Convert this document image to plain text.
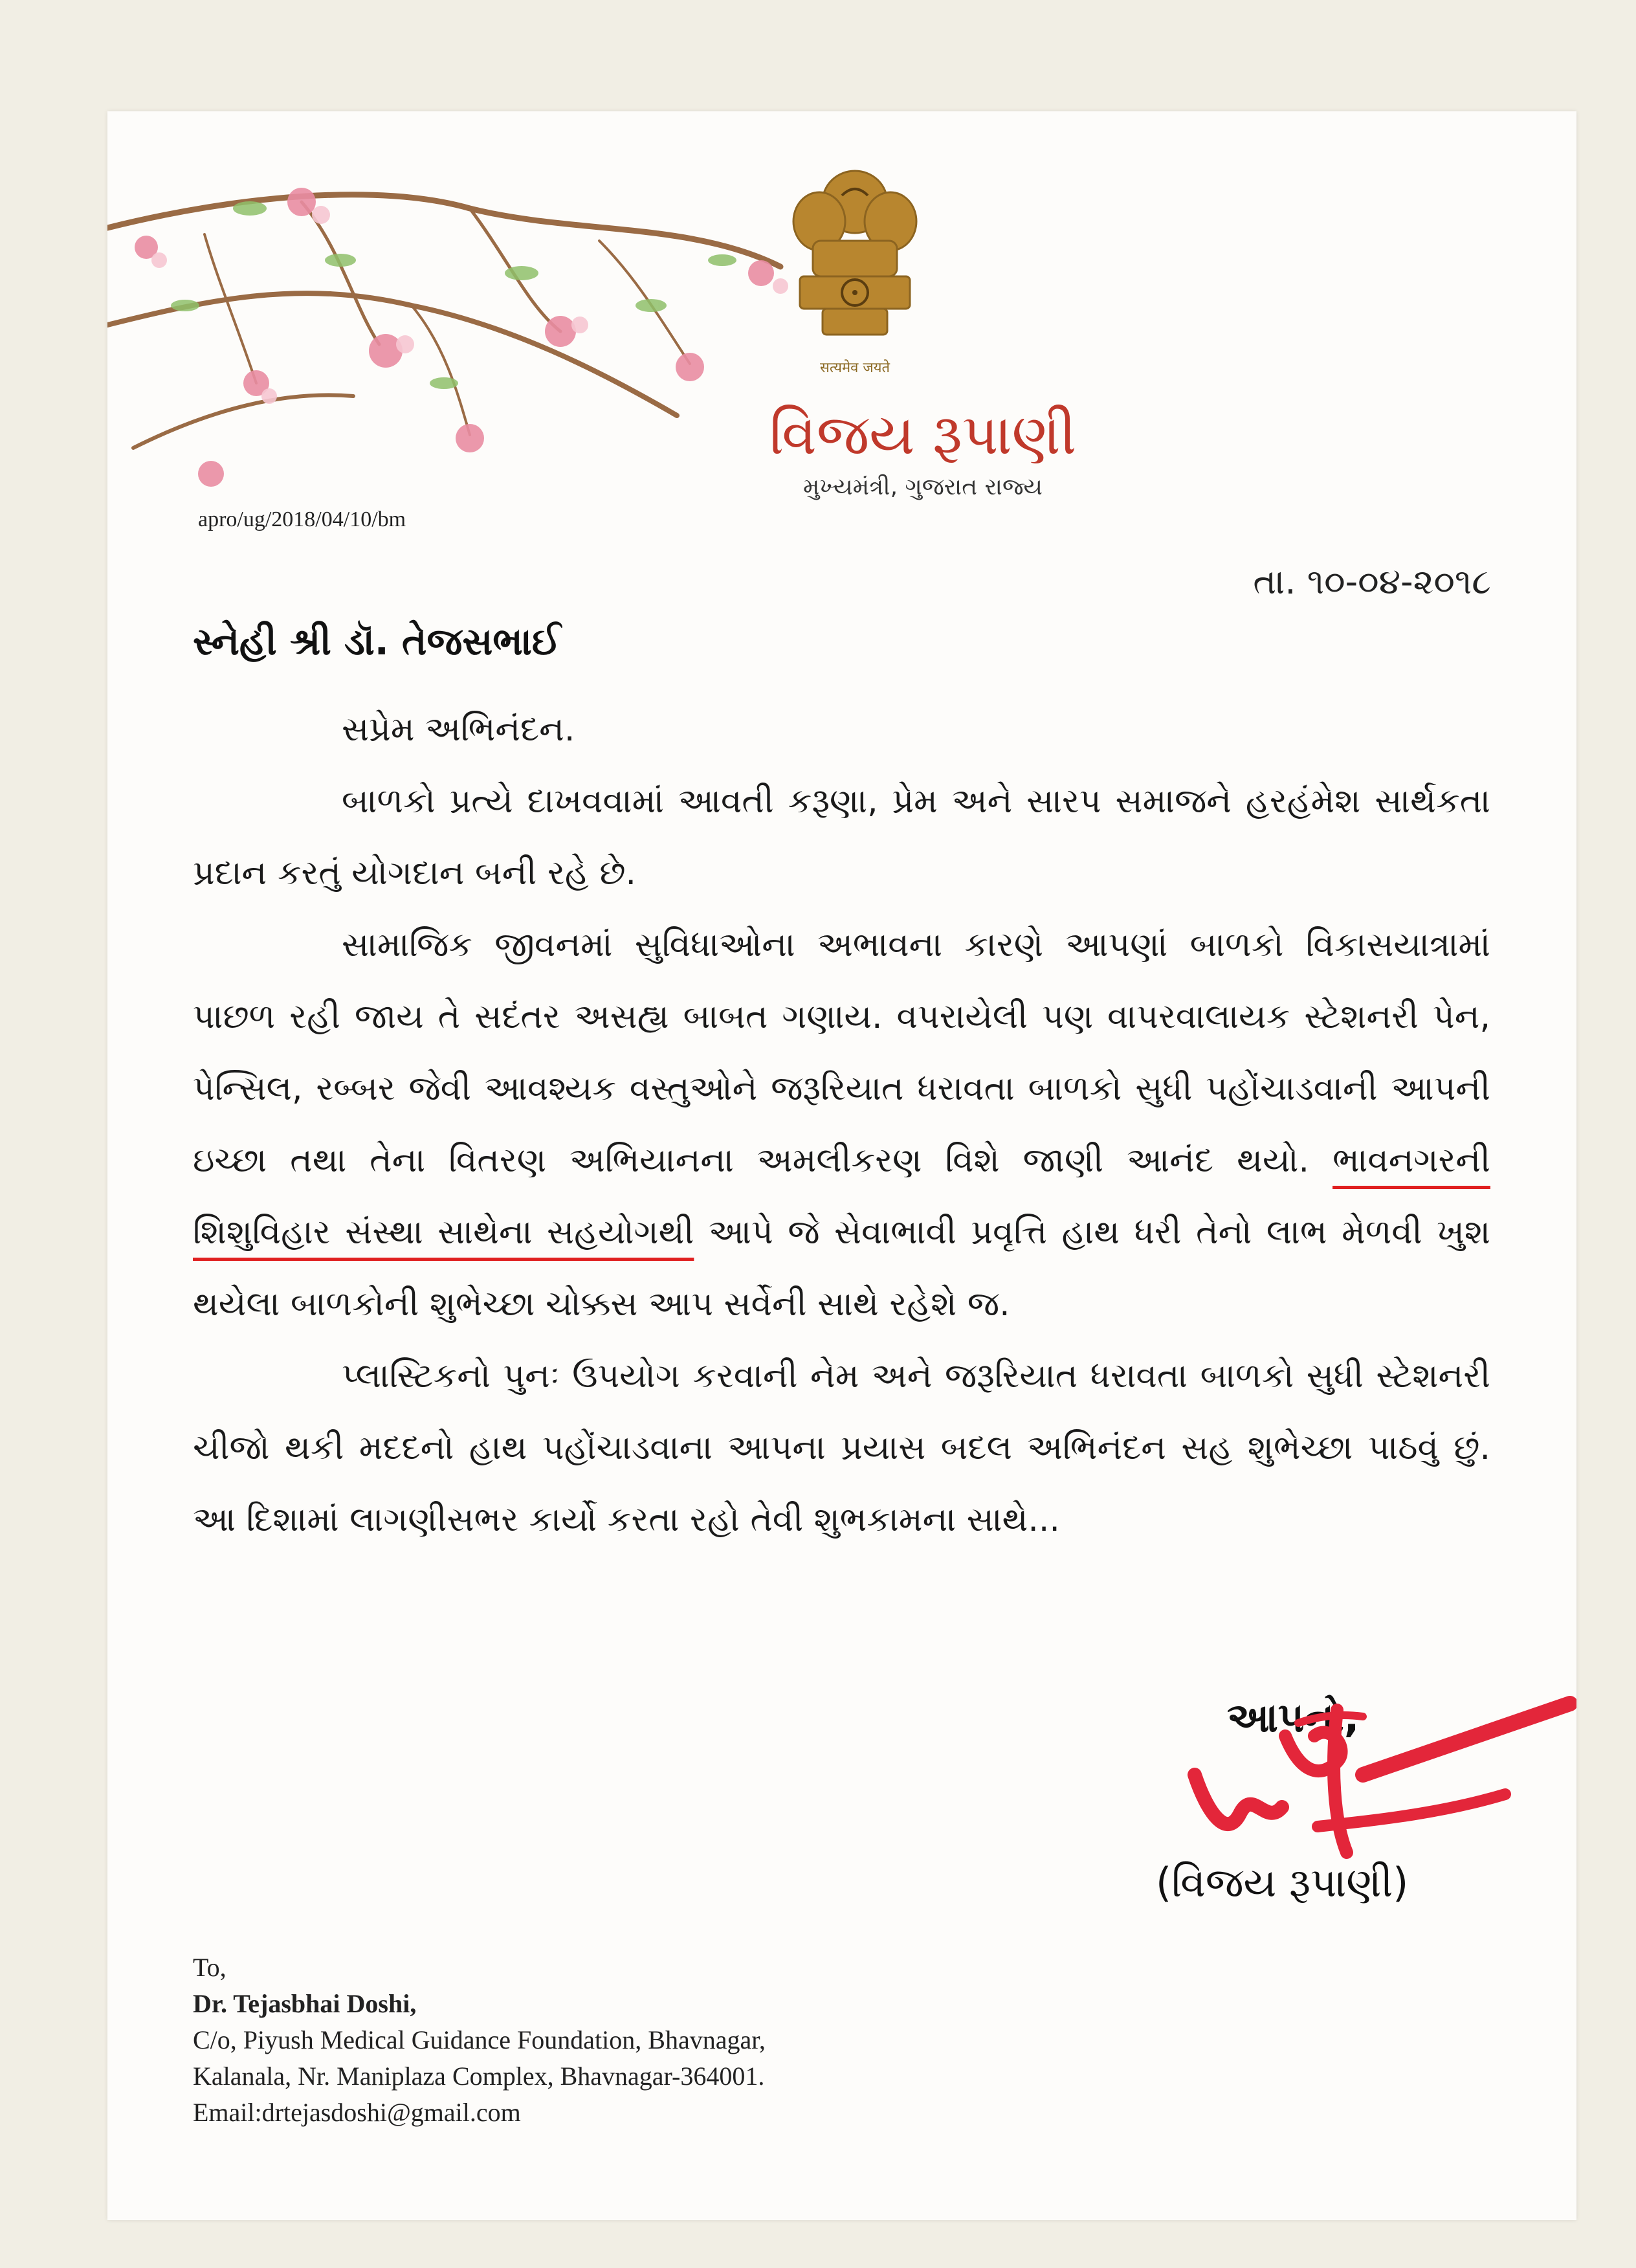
सत्यमेव जयते
વિજય રૂપાણી
મુખ્યમંત્રી, ગુજરાત રાજ્ય
apro/ug/2018/04/10/bm
તા. ૧૦-૦૪-૨૦૧૮
સ્નેહી શ્રી ડૉ. તેજસભાઈ

સપ્રેમ અભિનંદન.

બાળકો પ્રત્યે દાખવવામાં આવતી કરૂણા, પ્રેમ અને સારપ સમાજને હરહંમેશ સાર્થકતા પ્રદાન કરતું યોગદાન બની રહે છે.

સામાજિક જીવનમાં સુવિધાઓના અભાવના કારણે આપણાં બાળકો વિકાસયાત્રામાં પાછળ રહી જાય તે સદંતર અસહ્ય બાબત ગણાય. વપરાયેલી પણ વાપરવાલાયક સ્ટેશનરી પેન, પેન્સિલ, રબ્બર જેવી આવશ્યક વસ્તુઓને જરૂરિયાત ધરાવતા બાળકો સુધી પહોંચાડવાની આપની ઇચ્છા તથા તેના વિતરણ અભિયાનના અમલીકરણ વિશે જાણી આનંદ થયો. ભાવનગરની શિશુવિહાર સંસ્થા સાથેના સહયોગથી આપે જે સેવાભાવી પ્રવૃત્તિ હાથ ધરી તેનો લાભ મેળવી ખુશ થયેલા બાળકોની શુભેચ્છા ચોક્કસ આપ સર્વેની સાથે રહેશે જ.

પ્લાસ્ટિકનો પુનઃ ઉપયોગ કરવાની નેમ અને જરૂરિયાત ધરાવતા બાળકો સુધી સ્ટેશનરી ચીજો થકી મદદનો હાથ પહોંચાડવાના આપના પ્રયાસ બદલ અભિનંદન સહ શુભેચ્છા પાઠવું છું. આ દિશામાં લાગણીસભર કાર્યો કરતા રહો તેવી શુભકામના સાથે...

આપનો,
(વિજય રૂપાણી)
To,
Dr. Tejasbhai Doshi,
C/o, Piyush Medical Guidance Foundation, Bhavnagar,
Kalanala, Nr. Maniplaza Complex, Bhavnagar-364001.
Email:drtejasdoshi@gmail.com
